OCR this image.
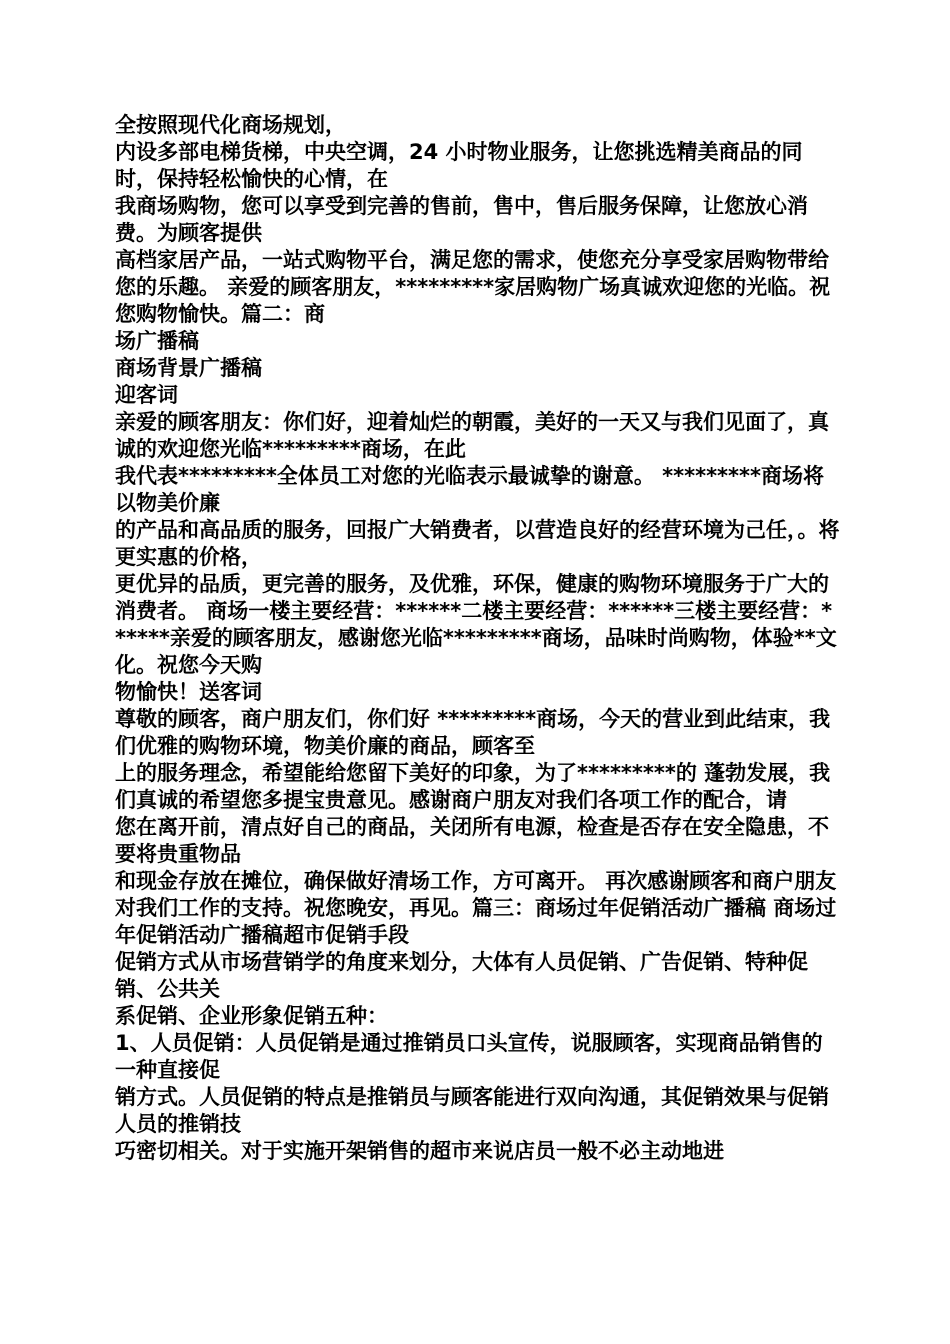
全按照现代化商场规划，

内设多部电梯货梯，中央空调，24 小时物业服务，让您挑选精美商品的同时，保持轻松愉快的心情，在

我商场购物，您可以享受到完善的售前，售中，售后服务保障，让您放心消费。为顾客提供

高档家居产品，一站式购物平台，满足您的需求，使您充分享受家居购物带给您的乐趣。 亲爱的顾客朋友，*********家居购物广场真诚欢迎您的光临。祝您购物愉快。篇二：商

场广播稿

商场背景广播稿

迎客词

亲爱的顾客朋友：你们好，迎着灿烂的朝霞，美好的一天又与我们见面了，真诚的欢迎您光临*********商场，在此

我代表*********全体员工对您的光临表示最诚挚的谢意。 *********商场将以物美价廉

的产品和高品质的服务，回报广大销费者，以营造良好的经营环境为己任，。将更实惠的价格，

更优异的品质，更完善的服务，及优雅，环保，健康的购物环境服务于广大的消费者。 商场一楼主要经营：******二楼主要经营：******三楼主要经营：******亲爱的顾客朋友，感谢您光临*********商场，品味时尚购物，体验**文化。祝您今天购

物愉快！送客词

尊敬的顾客，商户朋友们，你们好 *********商场，今天的营业到此结束，我们优雅的购物环境，物美价廉的商品，顾客至

上的服务理念，希望能给您留下美好的印象，为了*********的 蓬勃发展，我们真诚的希望您多提宝贵意见。感谢商户朋友对我们各项工作的配合，请

您在离开前，清点好自己的商品，关闭所有电源，检查是否存在安全隐患，不要将贵重物品

和现金存放在摊位，确保做好清场工作，方可离开。 再次感谢顾客和商户朋友对我们工作的支持。祝您晚安，再见。篇三：商场过年促销活动广播稿 商场过年促销活动广播稿超市促销手段

促销方式从市场营销学的角度来划分，大体有人员促销、广告促销、特种促销、公共关

系促销、企业形象促销五种：

1、人员促销：人员促销是通过推销员口头宣传，说服顾客，实现商品销售的一种直接促

销方式。人员促销的特点是推销员与顾客能进行双向沟通，其促销效果与促销人员的推销技

巧密切相关。对于实施开架销售的超市来说店员一般不必主动地进
